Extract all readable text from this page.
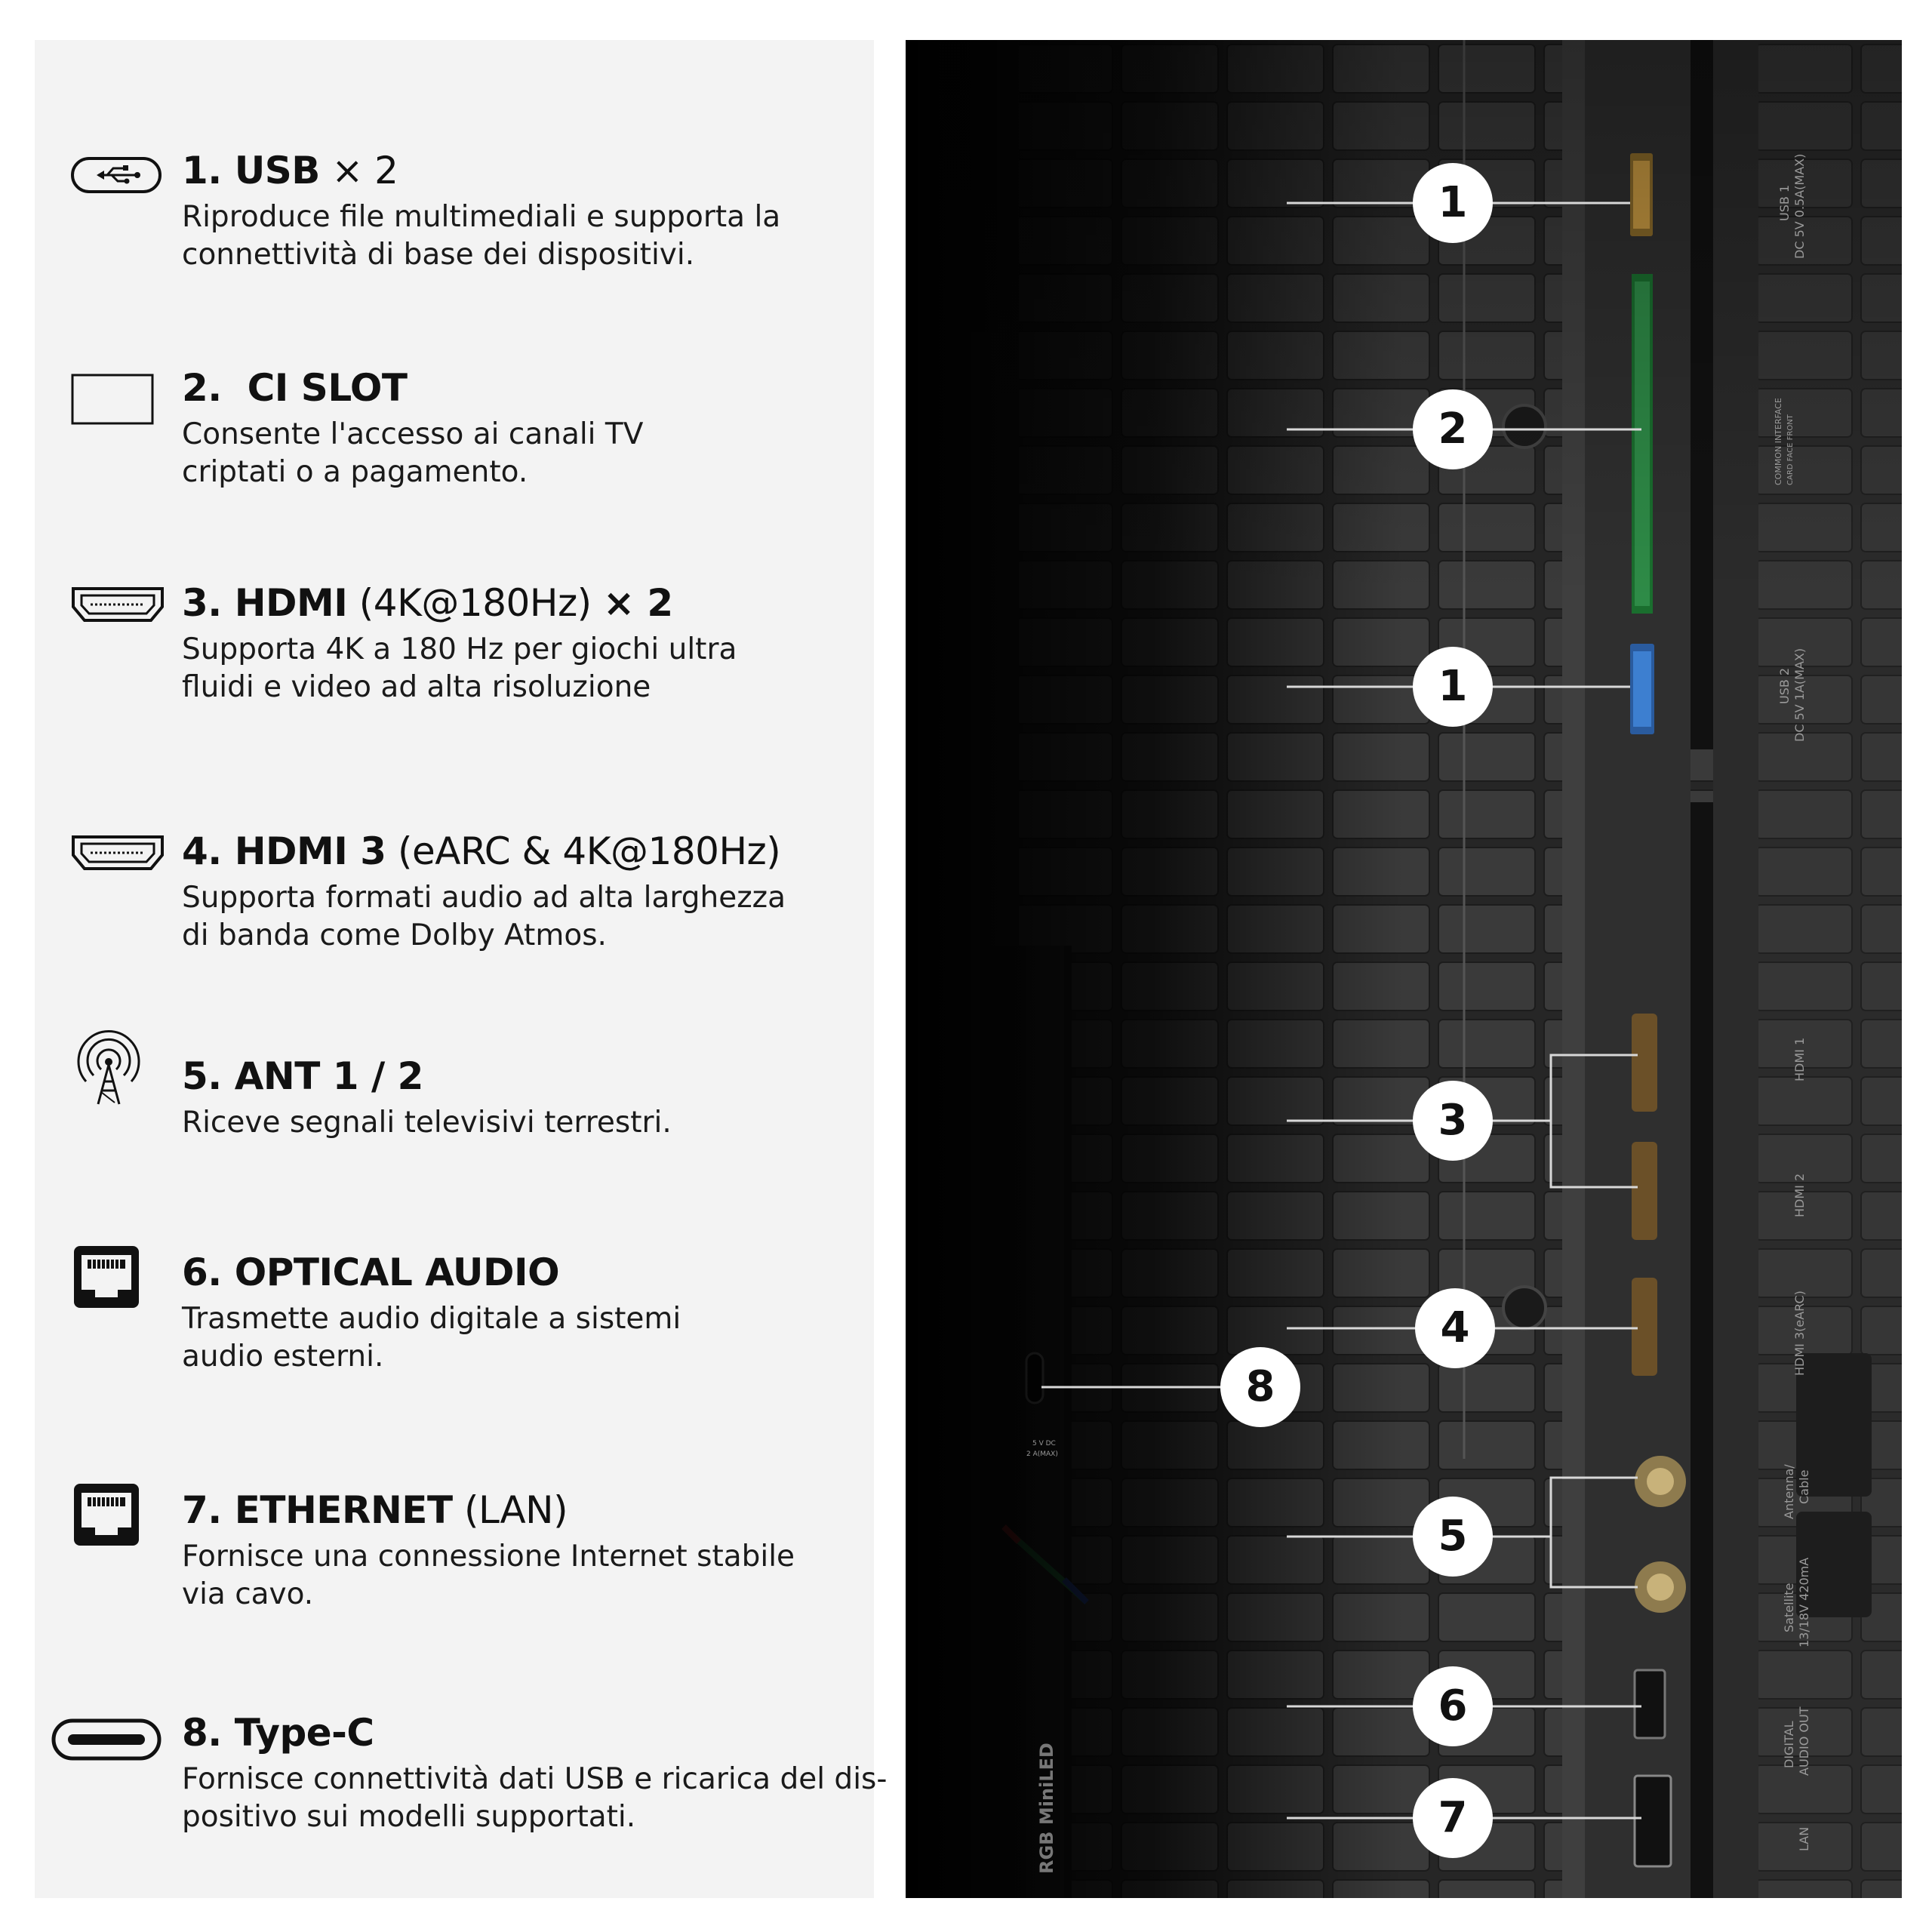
1. USB × 2
Riproduce file multimediali e supporta la
connettività di base dei dispositivi.
2.  CI SLOT
Consente l'accesso ai canali TV
criptati o a pagamento.
3. HDMI (4K@180Hz) × 2
Supporta 4K a 180 Hz per giochi ultra
fluidi e video ad alta risoluzione
4. HDMI 3 (eARC & 4K@180Hz)
Supporta formati audio ad alta larghezza
di banda come Dolby Atmos.
5. ANT 1 / 2
Riceve segnali televisivi terrestri.
6. OPTICAL AUDIO
Trasmette audio digitale a sistemi
audio esterni.
7. ETHERNET (LAN)
Fornisce una connessione Internet stabile
via cavo.
8. Type-C
Fornisce connettività dati USB e ricarica del dis-
positivo sui modelli supportati.
USB 1 DC 5V 0.5A(MAX)
COMMON INTERFACE CARD FACE FRONT
USB 2 DC 5V 1A(MAX)
HDMI 1
HDMI 2
HDMI 3(eARC)
Antenna/ Cable
Satellite 13/18V 420mA
DIGITAL AUDIO OUT
LAN
5 V DC
2 A(MAX)
RGB MiniLED
1
2
1
3
4
8
5
6
7
